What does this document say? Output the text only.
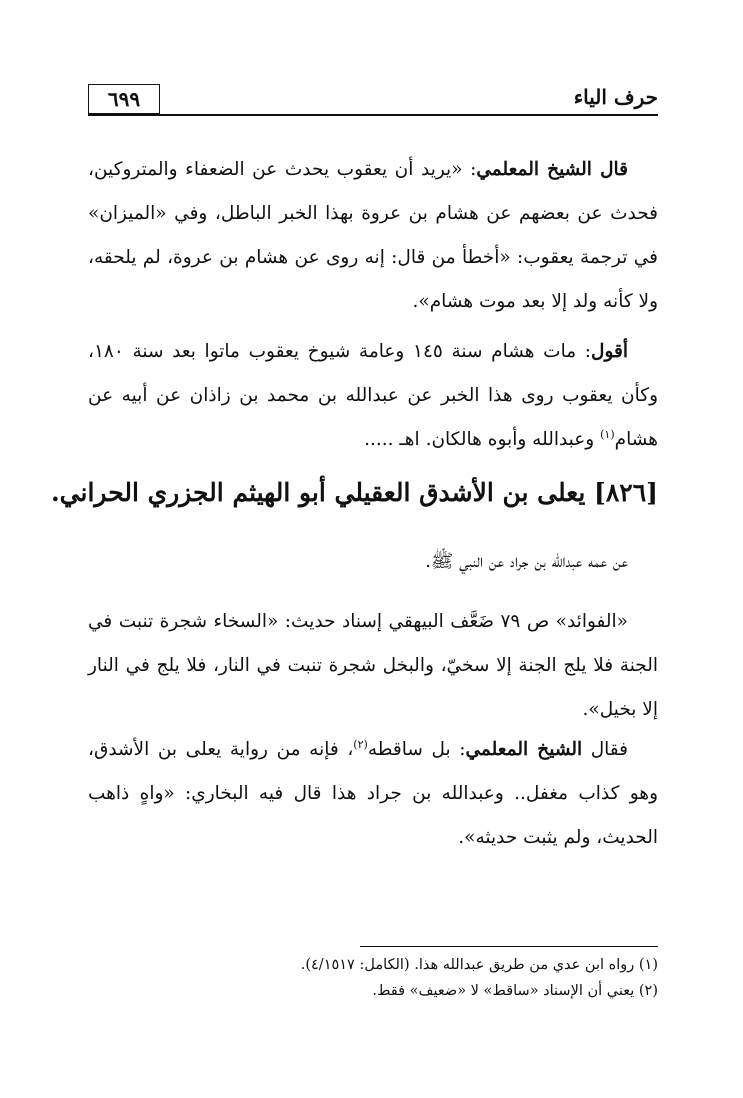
٦٩٩	حرف الياء

قال الشيخ المعلمي: «يريد أن يعقوب يحدث عن الضعفاء والمتروكين، فحدث عن بعضهم عن هشام بن عروة بهذا الخبر الباطل، وفي «الميزان» في ترجمة يعقوب: «أخطأ من قال: إنه روى عن هشام بن عروة، لم يلحقه، ولا كأنه ولد إلا بعد موت هشام».

أقول: مات هشام سنة ١٤٥ وعامة شيوخ يعقوب ماتوا بعد سنة ١٨٠، وكأن يعقوب روى هذا الخبر عن عبدالله بن محمد بن زاذان عن أبيه عن هشام$^{(١)}$ وعبدالله وأبوه هالكان. اهـ .....

[٨٢٦] يعلى بن الأشدق العقيلي أبو الهيثم الجزري الحراني.

عن عمه عبدالله بن جراد عن النبي ﷺ.

«الفوائد» ص ٧٩ ضَعَّف البيهقي إسناد حديث: «السخاء شجرة تنبت في الجنة فلا يلج الجنة إلا سخيّ، والبخل شجرة تنبت في النار، فلا يلج في النار إلا بخيل».

فقال الشيخ المعلمي: بل ساقطه$^{(٢)}$، فإنه من رواية يعلى بن الأشدق، وهو كذاب مغفل.. وعبدالله بن جراد هذا قال فيه البخاري: «واهٍ ذاهب الحديث، ولم يثبت حديثه».

(١) رواه ابن عدي من طريق عبدالله هذا. (الكامل: ٤/١٥١٧).
(٢) يعني أن الإسناد «ساقط» لا «ضعيف» فقط.
